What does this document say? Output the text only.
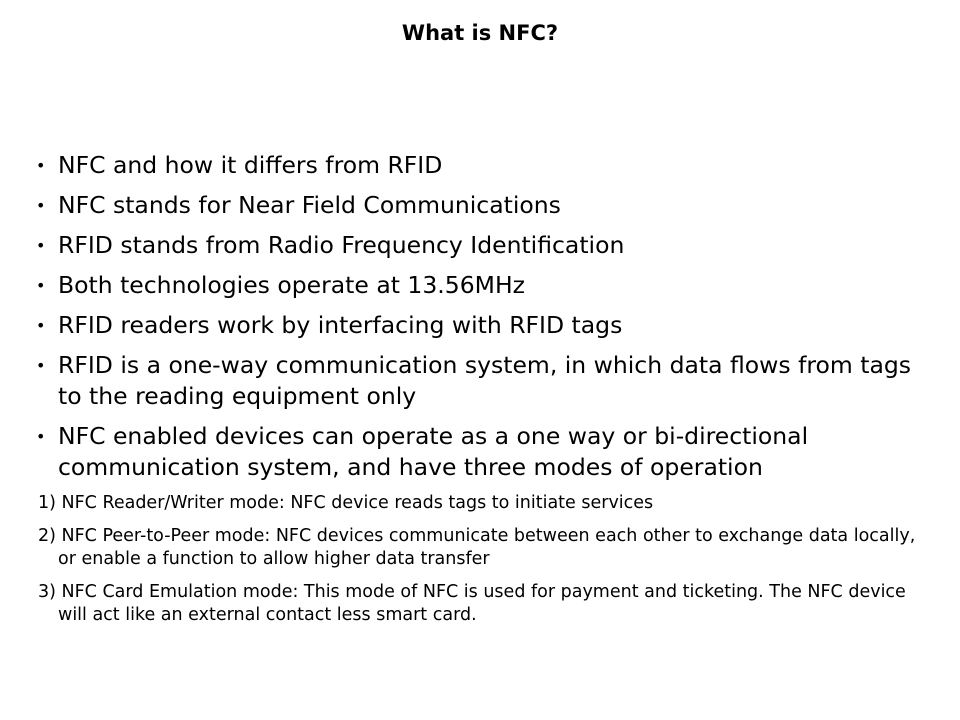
What is NFC?
• NFC and how it differs from RFID
• NFC stands for Near Field Communications
• RFID stands from Radio Frequency Identification
• Both technologies operate at 13.56MHz
• RFID readers work by interfacing with RFID tags
• RFID is a one-way communication system, in which data flows from tags to the reading equipment only
• NFC enabled devices can operate as a one way or bi-directional communication system, and have three modes of operation
1) NFC Reader/Writer mode: NFC device reads tags to initiate services
2) NFC Peer-to-Peer mode: NFC devices communicate between each other to exchange data locally, or enable a function to allow higher data transfer
3) NFC Card Emulation mode: This mode of NFC is used for payment and ticketing. The NFC device will act like an external contact less smart card.
